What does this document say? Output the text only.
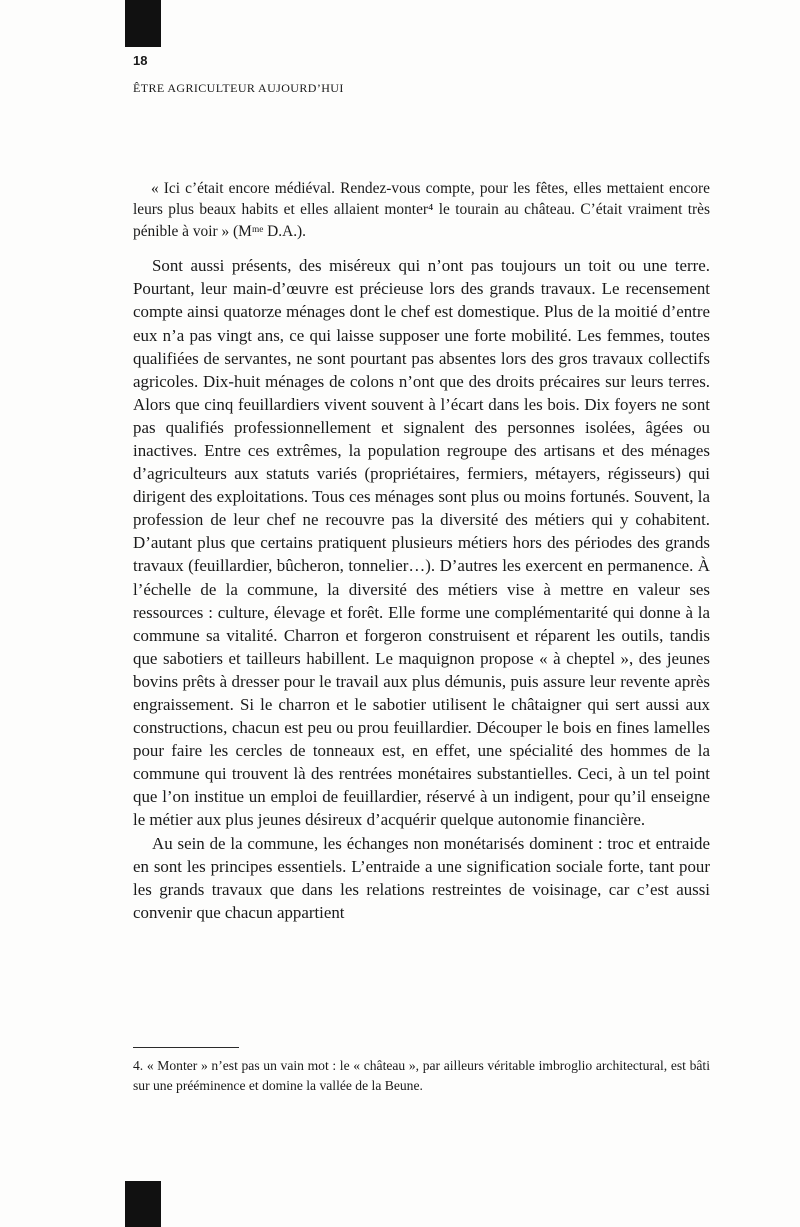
18
ÊTRE AGRICULTEUR AUJOURD’HUI

« Ici c’était encore médiéval. Rendez-vous compte, pour les fêtes, elles mettaient encore leurs plus beaux habits et elles allaient monter⁴ le tourain au château. C’était vraiment très pénible à voir » (Mᵐᵉ D.A.).

Sont aussi présents, des miséreux qui n’ont pas toujours un toit ou une terre. Pourtant, leur main-d’œuvre est précieuse lors des grands travaux. Le recensement compte ainsi quatorze ménages dont le chef est domestique. Plus de la moitié d’entre eux n’a pas vingt ans, ce qui laisse supposer une forte mobilité. Les femmes, toutes qualifiées de servantes, ne sont pourtant pas absentes lors des gros travaux collectifs agricoles. Dix-huit ménages de colons n’ont que des droits précaires sur leurs terres. Alors que cinq feuillardiers vivent souvent à l’écart dans les bois. Dix foyers ne sont pas qualifiés professionnellement et signalent des personnes isolées, âgées ou inactives. Entre ces extrêmes, la population regroupe des artisans et des ménages d’agriculteurs aux statuts variés (propriétaires, fermiers, métayers, régisseurs) qui dirigent des exploitations. Tous ces ménages sont plus ou moins fortunés. Souvent, la profession de leur chef ne recouvre pas la diversité des métiers qui y cohabitent. D’autant plus que certains pratiquent plusieurs métiers hors des périodes des grands travaux (feuillardier, bûcheron, tonnelier…). D’autres les exercent en permanence. À l’échelle de la commune, la diversité des métiers vise à mettre en valeur ses ressources : culture, élevage et forêt. Elle forme une complémentarité qui donne à la commune sa vitalité. Charron et forgeron construisent et réparent les outils, tandis que sabotiers et tailleurs habillent. Le maquignon propose « à cheptel », des jeunes bovins prêts à dresser pour le travail aux plus démunis, puis assure leur revente après engraissement. Si le charron et le sabotier utilisent le châtaigner qui sert aussi aux constructions, chacun est peu ou prou feuillardier. Découper le bois en fines lamelles pour faire les cercles de tonneaux est, en effet, une spécialité des hommes de la commune qui trouvent là des rentrées monétaires substantielles. Ceci, à un tel point que l’on institue un emploi de feuillardier, réservé à un indigent, pour qu’il enseigne le métier aux plus jeunes désireux d’acquérir quelque autonomie financière.

Au sein de la commune, les échanges non monétarisés dominent : troc et entraide en sont les principes essentiels. L’entraide a une signification sociale forte, tant pour les grands travaux que dans les relations restreintes de voisinage, car c’est aussi convenir que chacun appartient

4. « Monter » n’est pas un vain mot : le « château », par ailleurs véritable imbroglio architectural, est bâti sur une prééminence et domine la vallée de la Beune.
